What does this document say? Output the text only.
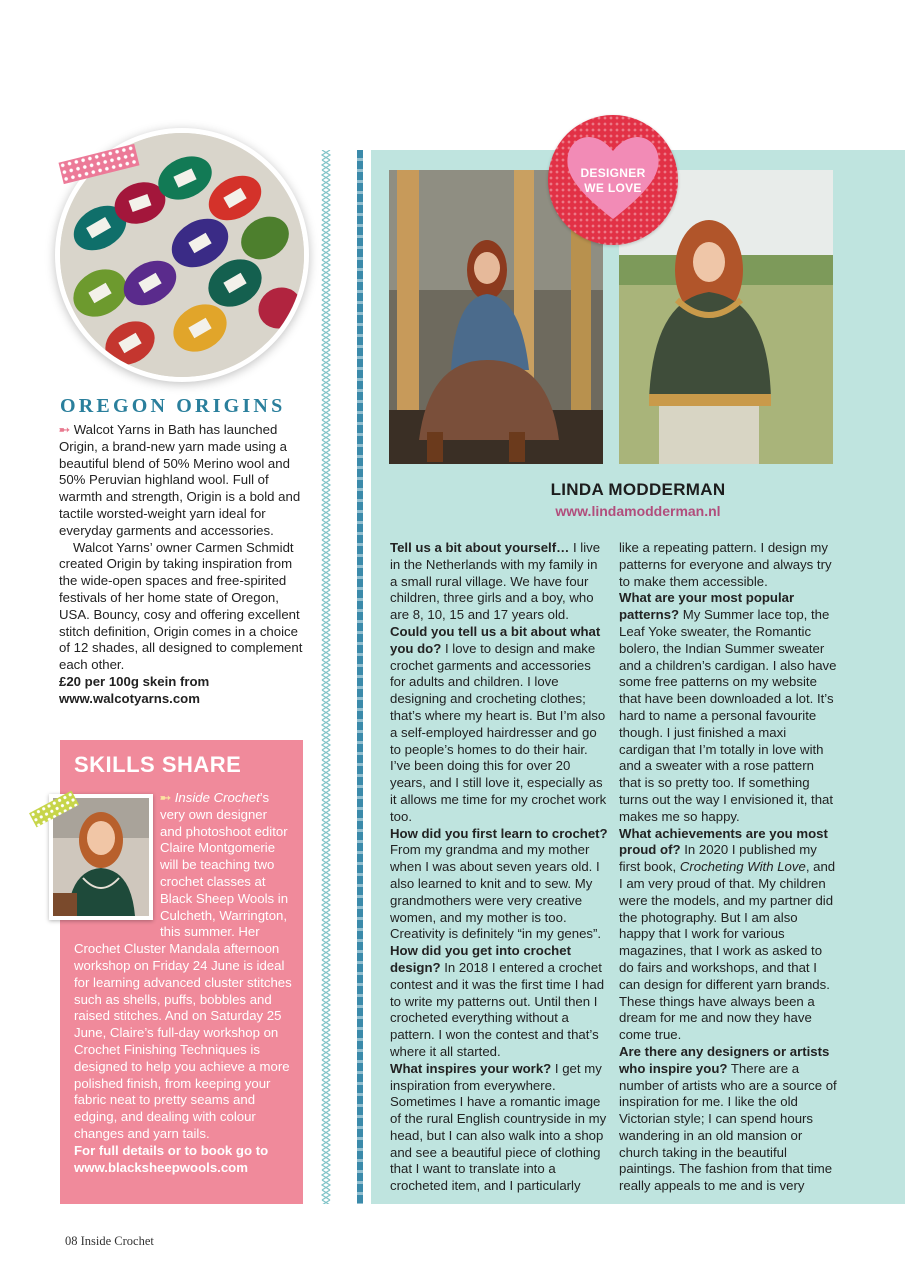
OREGON ORIGINS

➸ Walcot Yarns in Bath has launched Origin, a brand-new yarn made using a beautiful blend of 50% Merino wool and 50% Peruvian highland wool. Full of warmth and strength, Origin is a bold and tactile worsted-weight yarn ideal for everyday garments and accessories.

Walcot Yarns’ owner Carmen Schmidt created Origin by taking inspiration from the wide-open spaces and free-spirited festivals of her home state of Oregon, USA. Bouncy, cosy and offering excellent stitch definition, Origin comes in a choice of 12 shades, all designed to complement each other.

£20 per 100g skein from

www.walcotyarns.com

SKILLS SHARE

➸ Inside Crochet’s very own designer and photoshoot editor Claire Montgomerie will be teaching two crochet classes at Black Sheep Wools in Culcheth, Warrington, this summer. Her Crochet Cluster Mandala afternoon workshop on Friday 24 June is ideal for learning advanced cluster stitches such as shells, puffs, bobbles and raised stitches. And on Saturday 25 June, Claire’s full-day workshop on Crochet Finishing Techniques is designed to help you achieve a more polished finish, from keeping your fabric neat to pretty seams and edging, and dealing with colour changes and yarn tails.

For full details or to book go to www.blacksheepwools.com

DESIGNER
WE LOVE
LINDA MODDERMAN
www.lindamodderman.nl

Tell us a bit about yourself… I live in the Netherlands with my family in a small rural village. We have four children, three girls and a boy, who are 8, 10, 15 and 17 years old.

Could you tell us a bit about what you do? I love to design and make crochet garments and accessories for adults and children. I love designing and crocheting clothes; that’s where my heart is. But I’m also a self-employed hairdresser and go to people’s homes to do their hair. I’ve been doing this for over 20 years, and I still love it, especially as it allows me time for my crochet work too.

How did you first learn to crochet? From my grandma and my mother when I was about seven years old. I also learned to knit and to sew. My grandmothers were very creative women, and my mother is too. Creativity is definitely “in my genes”.

How did you get into crochet design? In 2018 I entered a crochet contest and it was the first time I had to write my patterns out. Until then I crocheted everything without a pattern. I won the contest and that’s where it all started.

What inspires your work? I get my inspiration from everywhere. Sometimes I have a romantic image of the rural English countryside in my head, but I can also walk into a shop and see a beautiful piece of clothing that I want to translate into a crocheted item, and I particularly

like a repeating pattern. I design my patterns for everyone and always try to make them accessible.

What are your most popular patterns? My Summer lace top, the Leaf Yoke sweater, the Romantic bolero, the Indian Summer sweater and a children’s cardigan. I also have some free patterns on my website that have been downloaded a lot. It’s hard to name a personal favourite though. I just finished a maxi cardigan that I’m totally in love with and a sweater with a rose pattern that is so pretty too. If something turns out the way I envisioned it, that makes me so happy.

What achievements are you most proud of? In 2020 I published my first book, Crocheting With Love, and I am very proud of that. My children were the models, and my partner did the photography. But I am also happy that I work for various magazines, that I work as asked to do fairs and workshops, and that I can design for different yarn brands. These things have always been a dream for me and now they have come true.

Are there any designers or artists who inspire you? There are a number of artists who are a source of inspiration for me. I like the old Victorian style; I can spend hours wandering in an old mansion or church taking in the beautiful paintings. The fashion from that time really appeals to me and is very

08 Inside Crochet
